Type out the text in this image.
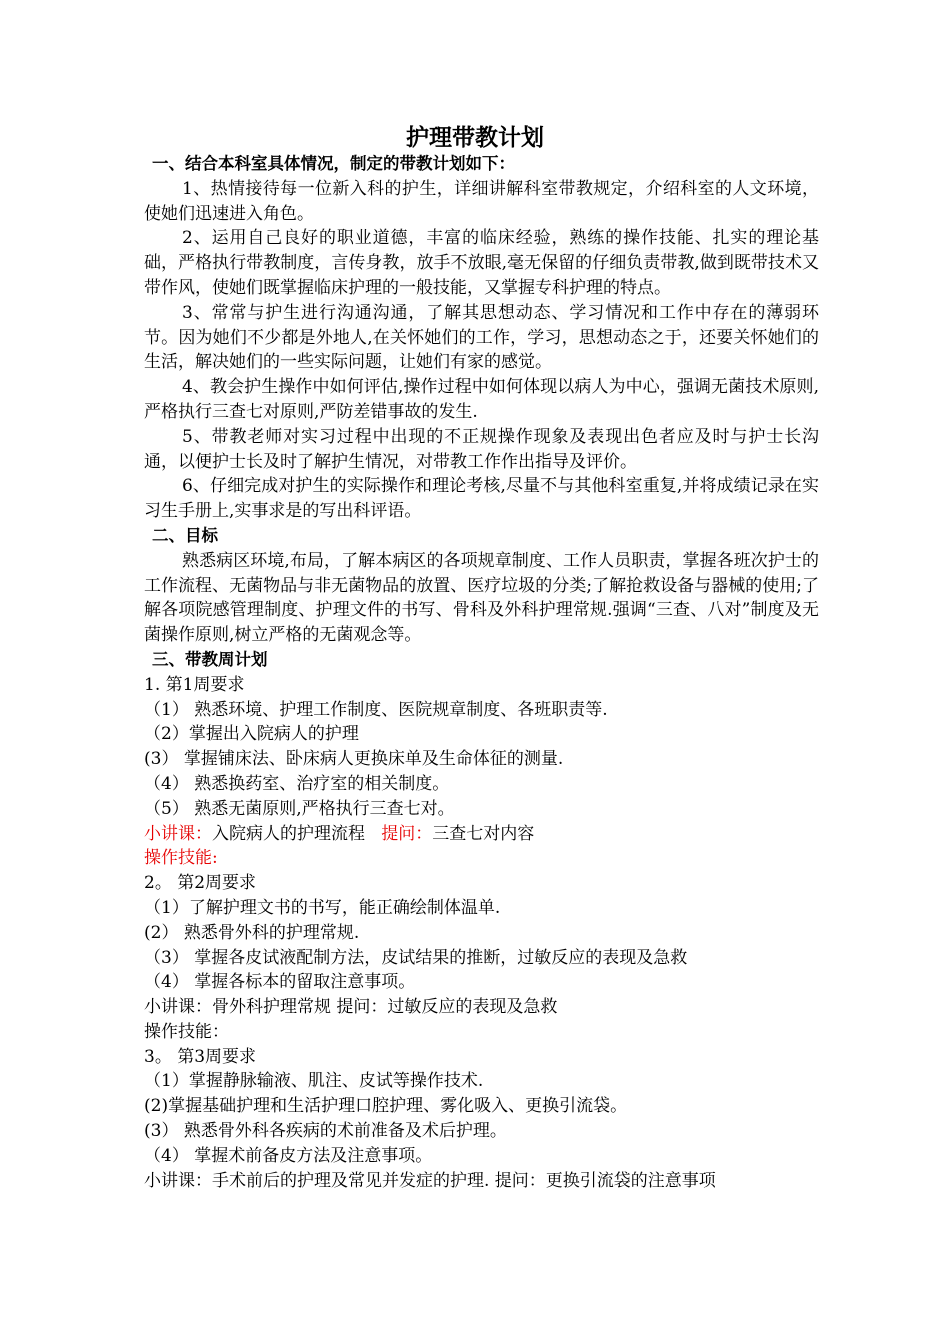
护理带教计划
一、结合本科室具体情况，制定的带教计划如下：
1、热情接待每一位新入科的护生，详细讲解科室带教规定，介绍科室的人文环境，使她们迅速进入角色。
2、运用自己良好的职业道德，丰富的临床经验，熟练的操作技能、扎实的理论基础，严格执行带教制度，言传身教，放手不放眼,毫无保留的仔细负责带教,做到既带技术又带作风，使她们既掌握临床护理的一般技能，又掌握专科护理的特点。
3、常常与护生进行沟通沟通，了解其思想动态、学习情况和工作中存在的薄弱环节。因为她们不少都是外地人,在关怀她们的工作，学习，思想动态之于，还要关怀她们的生活，解决她们的一些实际问题，让她们有家的感觉。
4、教会护生操作中如何评估,操作过程中如何体现以病人为中心，强调无菌技术原则,严格执行三查七对原则,严防差错事故的发生.
5、带教老师对实习过程中出现的不正规操作现象及表现出色者应及时与护士长沟通，以便护士长及时了解护生情况，对带教工作作出指导及评价。
6、仔细完成对护生的实际操作和理论考核,尽量不与其他科室重复,并将成绩记录在实习生手册上,实事求是的写出科评语。
二、目标
熟悉病区环境,布局，了解本病区的各项规章制度、工作人员职责，掌握各班次护士的工作流程、无菌物品与非无菌物品的放置、医疗垃圾的分类;了解抢救设备与器械的使用;了解各项院感管理制度、护理文件的书写、骨科及外科护理常规.强调“三查、八对”制度及无菌操作原则,树立严格的无菌观念等。
三、带教周计划
1. 第1周要求
（1） 熟悉环境、护理工作制度、医院规章制度、各班职责等.
（2）掌握出入院病人的护理
(3） 掌握铺床法、卧床病人更换床单及生命体征的测量.
（4） 熟悉换药室、治疗室的相关制度。
（5） 熟悉无菌原则,严格执行三查七对。
小讲课：入院病人的护理流程 提问：三查七对内容
操作技能:
2。 第2周要求
（1）了解护理文书的书写，能正确绘制体温单.
(2） 熟悉骨外科的护理常规.
（3） 掌握各皮试液配制方法，皮试结果的推断，过敏反应的表现及急救
（4） 掌握各标本的留取注意事项。
小讲课：骨外科护理常规 提问：过敏反应的表现及急救
操作技能：
3。 第3周要求
（1）掌握静脉输液、肌注、皮试等操作技术.
(2)掌握基础护理和生活护理口腔护理、雾化吸入、更换引流袋。
(3） 熟悉骨外科各疾病的术前准备及术后护理。
（4） 掌握术前备皮方法及注意事项。
小讲课：手术前后的护理及常见并发症的护理. 提问：更换引流袋的注意事项
